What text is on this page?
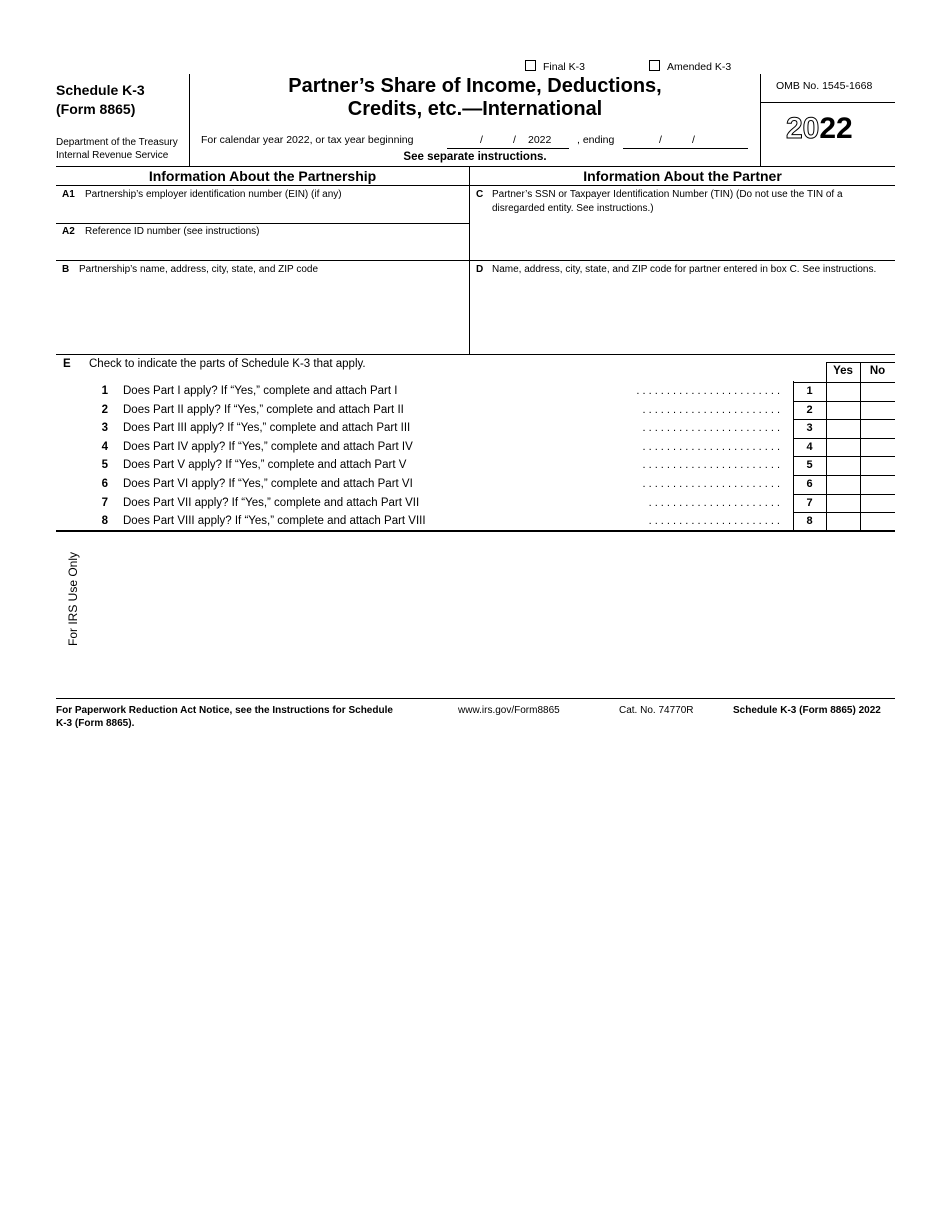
Final K-3	Amended K-3
Schedule K-3
(Form 8865)
Department of the Treasury
Internal Revenue Service
Partner’s Share of Income, Deductions,
Credits, etc.—International
For calendar year 2022, or tax year beginning	/	/ 2022 , ending	/	/
See separate instructions.
OMB No. 1545-1668
2022
Information About the Partnership	Information About the Partner
A1 Partnership’s employer identification number (EIN) (if any)
A2 Reference ID number (see instructions)
C Partner’s SSN or Taxpayer Identification Number (TIN) (Do not use the TIN of a
disregarded entity. See instructions.)
B Partnership’s name, address, city, state, and ZIP code	D Name, address, city, state, and ZIP code for partner entered in box C. See instructions.
E Check to indicate the parts of Schedule K-3 that apply.
Yes	No
1 Does Part I apply? If “Yes,” complete and attach Part I	. . . . . . . . . . . . . . . . . . . . . . . .	1
2 Does Part II apply? If “Yes,” complete and attach Part II	. . . . . . . . . . . . . . . . . . . . . . .	2
3 Does Part III apply? If “Yes,” complete and attach Part III	. . . . . . . . . . . . . . . . . . . . . . .	3
4 Does Part IV apply? If “Yes,” complete and attach Part IV	. . . . . . . . . . . . . . . . . . . . . . .	4
5 Does Part V apply? If “Yes,” complete and attach Part V	. . . . . . . . . . . . . . . . . . . . . . .	5
6 Does Part VI apply? If “Yes,” complete and attach Part VI	. . . . . . . . . . . . . . . . . . . . . . .	6
7 Does Part VII apply? If “Yes,” complete and attach Part VII	. . . . . . . . . . . . . . . . . . . . . .	7
8 Does Part VIII apply? If “Yes,” complete and attach Part VIII	. . . . . . . . . . . . . . . . . . . . . .	8
For IRS Use Only
For Paperwork Reduction Act Notice, see the Instructions for Schedule
K-3 (Form 8865).
www.irs.gov/Form8865	Cat. No. 74770R	Schedule K-3 (Form 8865) 2022
